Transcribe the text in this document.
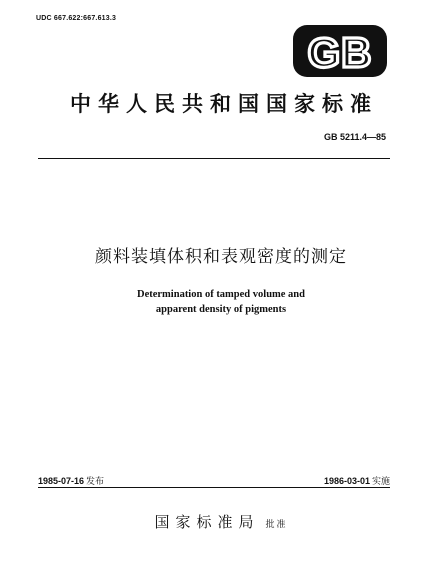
UDC 667.622:667.613.3
GB
中华人民共和国国家标准
GB 5211.4—85
颜料装填体积和表观密度的测定
Determination of tamped volume and
apparent density of pigments
1985-07-16 发布	1986-03-01 实施
国家标准局 批准
